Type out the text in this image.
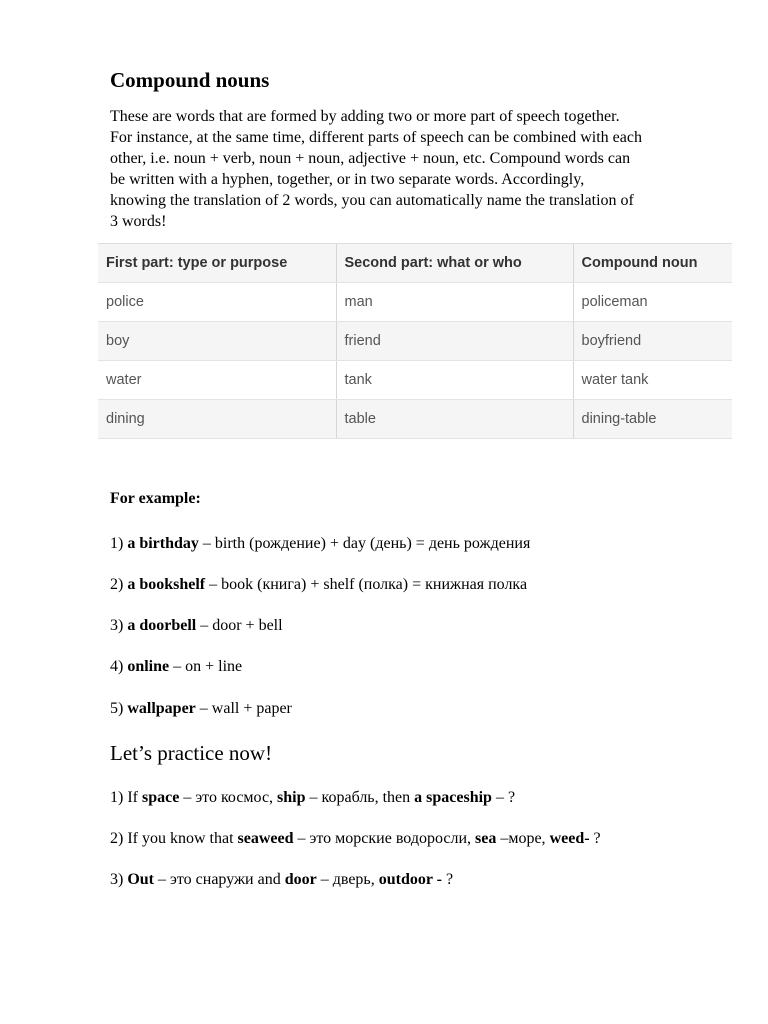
Compound nouns

These are words that are formed by adding two or more part of speech together.
For instance, at the same time, different parts of speech can be combined with each
other, i.e. noun + verb, noun + noun, adjective + noun, etc. Compound words can
be written with a hyphen, together, or in two separate words. Accordingly,
knowing the translation of 2 words, you can automatically name the translation of
3 words!

First part: type or purpose	Second part: what or who	Compound noun
police	man	policeman
boy	friend	boyfriend
water	tank	water tank
dining	table	dining-table

For example:

1) a birthday – birth (рождение) + day (день) = день рождения

2) a bookshelf – book (книга) + shelf (полка) = книжная полка

3) a doorbell – door + bell

4) online – on + line

5) wallpaper – wall + paper

Let’s practice now!

1) If space – это космос, ship – корабль, then a spaceship – ?

2) If you know that seaweed – это морские водоросли, sea –море, weed- ?

3) Out – это снаружи and door – дверь, outdoor - ?
